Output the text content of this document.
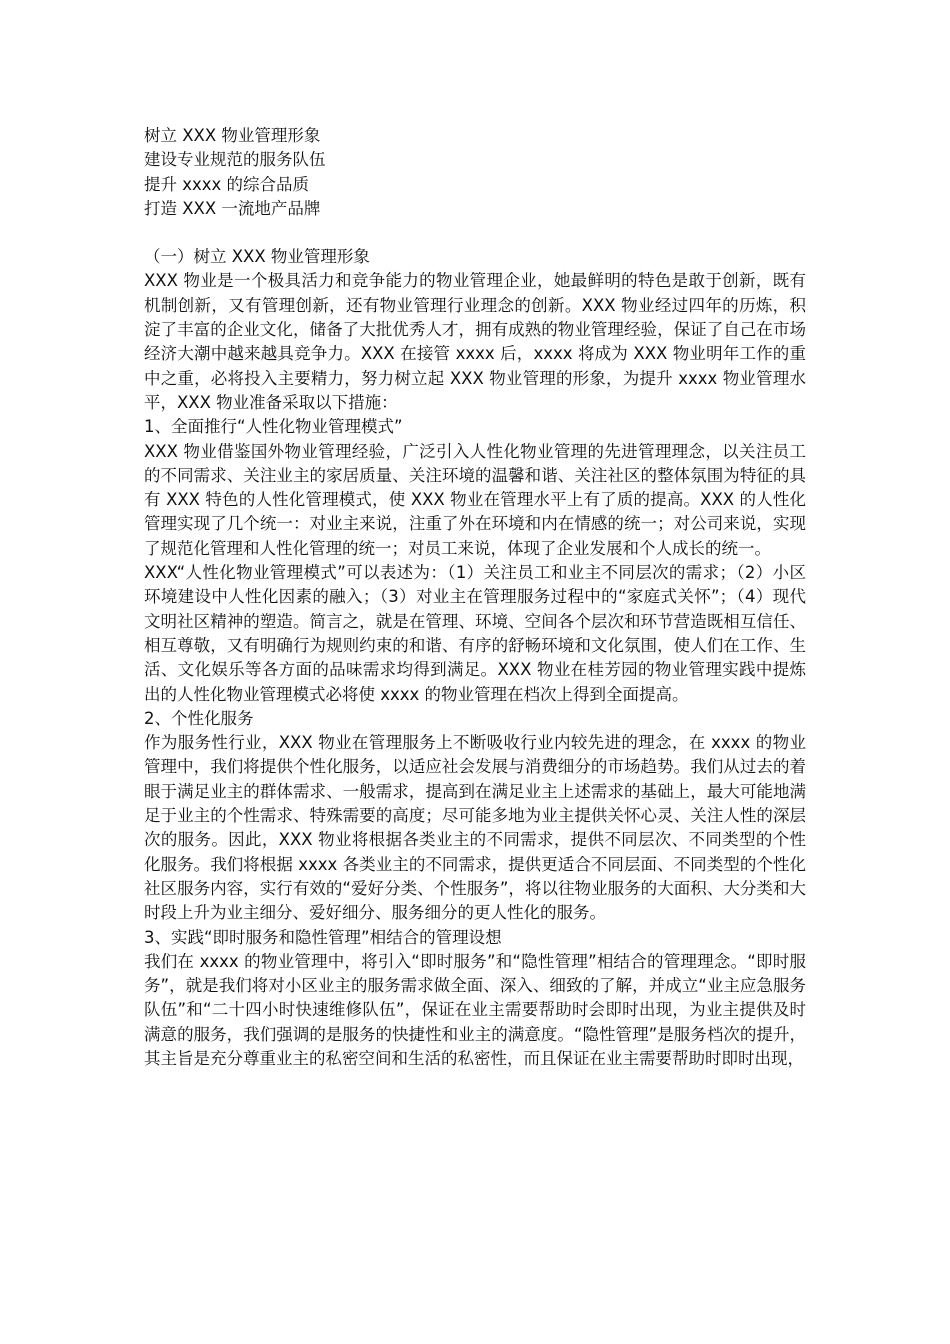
树立 XXX 物业管理形象

建设专业规范的服务队伍

提升 xxxx 的综合品质

打造 XXX 一流地产品牌

（一）树立 XXX 物业管理形象

XXX 物业是一个极具活力和竞争能力的物业管理企业，她最鲜明的特色是敢于创新，既有机制创新，又有管理创新，还有物业管理行业理念的创新。XXX 物业经过四年的历炼，积淀了丰富的企业文化，储备了大批优秀人才，拥有成熟的物业管理经验，保证了自己在市场经济大潮中越来越具竞争力。XXX 在接管 xxxx 后，xxxx 将成为 XXX 物业明年工作的重中之重，必将投入主要精力，努力树立起 XXX 物业管理的形象，为提升 xxxx 物业管理水平，XXX 物业准备采取以下措施：

1、全面推行“人性化物业管理模式”

XXX 物业借鉴国外物业管理经验，广泛引入人性化物业管理的先进管理理念，以关注员工的不同需求、关注业主的家居质量、关注环境的温馨和谐、关注社区的整体氛围为特征的具有 XXX 特色的人性化管理模式，使 XXX 物业在管理水平上有了质的提高。XXX 的人性化管理实现了几个统一：对业主来说，注重了外在环境和内在情感的统一；对公司来说，实现了规范化管理和人性化管理的统一；对员工来说，体现了企业发展和个人成长的统一。

XXX“人性化物业管理模式”可以表述为：（1）关注员工和业主不同层次的需求；（2）小区环境建设中人性化因素的融入；（3）对业主在管理服务过程中的“家庭式关怀”；（4）现代文明社区精神的塑造。简言之，就是在管理、环境、空间各个层次和环节营造既相互信任、相互尊敬，又有明确行为规则约束的和谐、有序的舒畅环境和文化氛围，使人们在工作、生活、文化娱乐等各方面的品味需求均得到满足。XXX 物业在桂芳园的物业管理实践中提炼出的人性化物业管理模式必将使 xxxx 的物业管理在档次上得到全面提高。

2、个性化服务

作为服务性行业，XXX 物业在管理服务上不断吸收行业内较先进的理念，在 xxxx 的物业管理中，我们将提供个性化服务，以适应社会发展与消费细分的市场趋势。我们从过去的着眼于满足业主的群体需求、一般需求，提高到在满足业主上述需求的基础上，最大可能地满足于业主的个性需求、特殊需要的高度；尽可能多地为业主提供关怀心灵、关注人性的深层次的服务。因此，XXX 物业将根据各类业主的不同需求，提供不同层次、不同类型的个性化服务。我们将根据 xxxx 各类业主的不同需求，提供更适合不同层面、不同类型的个性化社区服务内容，实行有效的“爱好分类、个性服务”，将以往物业服务的大面积、大分类和大时段上升为业主细分、爱好细分、服务细分的更人性化的服务。

3、实践“即时服务和隐性管理”相结合的管理设想

我们在 xxxx 的物业管理中，将引入“即时服务”和“隐性管理”相结合的管理理念。“即时服务”，就是我们将对小区业主的服务需求做全面、深入、细致的了解，并成立“业主应急服务队伍”和“二十四小时快速维修队伍”，保证在业主需要帮助时会即时出现，为业主提供及时满意的服务，我们强调的是服务的快捷性和业主的满意度。“隐性管理”是服务档次的提升，其主旨是充分尊重业主的私密空间和生活的私密性，而且保证在业主需要帮助时即时出现，
